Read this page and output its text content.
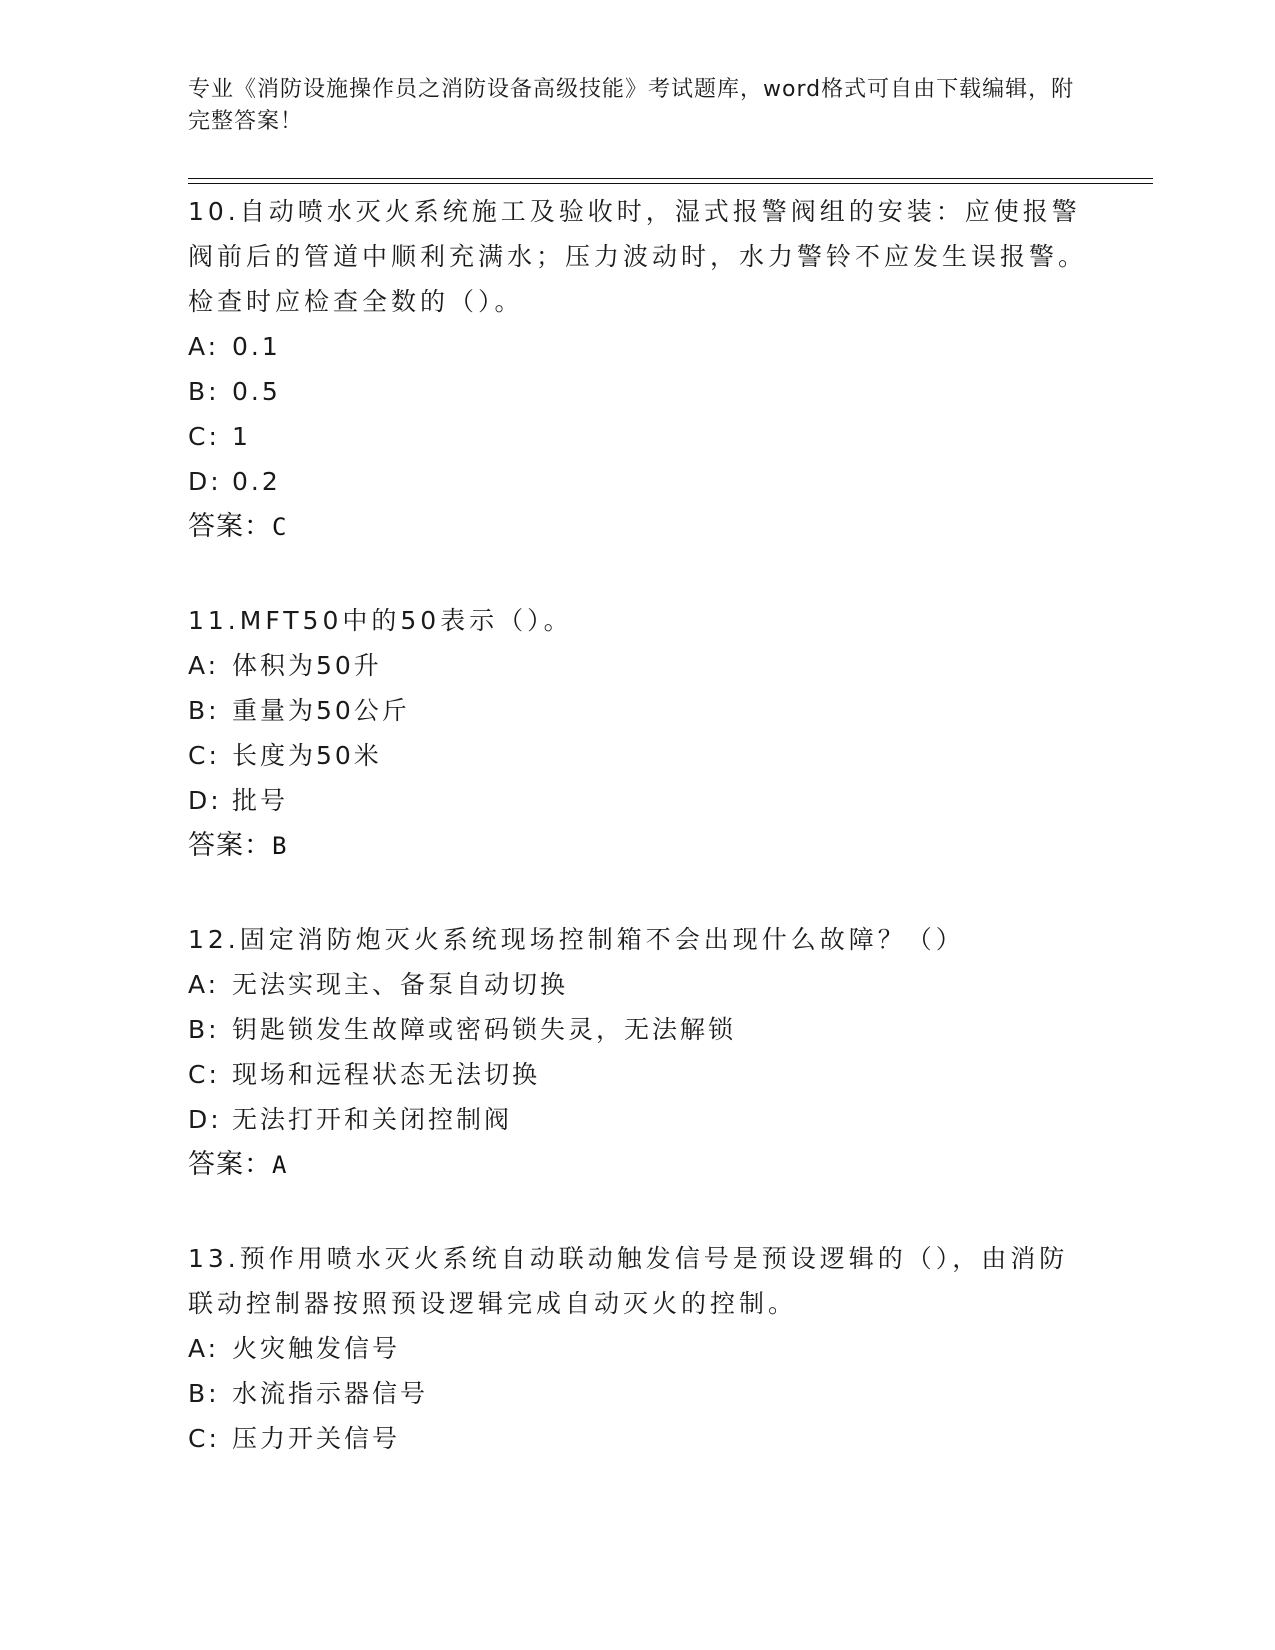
专业《消防设施操作员之消防设备高级技能》考试题库，word格式可自由下载编辑，附完整答案！

10.自动喷水灭火系统施工及验收时，湿式报警阀组的安装：应使报警阀前后的管道中顺利充满水；压力波动时，水力警铃不应发生误报警。检查时应检查全数的（）。

A: 0.1

B: 0.5

C: 1

D: 0.2

答案：C

11.MFT50中的50表示（）。

A: 体积为50升

B: 重量为50公斤

C: 长度为50米

D: 批号

答案：B

12.固定消防炮灭火系统现场控制箱不会出现什么故障？（）

A: 无法实现主、备泵自动切换

B: 钥匙锁发生故障或密码锁失灵，无法解锁

C: 现场和远程状态无法切换

D: 无法打开和关闭控制阀

答案：A

13.预作用喷水灭火系统自动联动触发信号是预设逻辑的（），由消防联动控制器按照预设逻辑完成自动灭火的控制。

A: 火灾触发信号

B: 水流指示器信号

C: 压力开关信号
